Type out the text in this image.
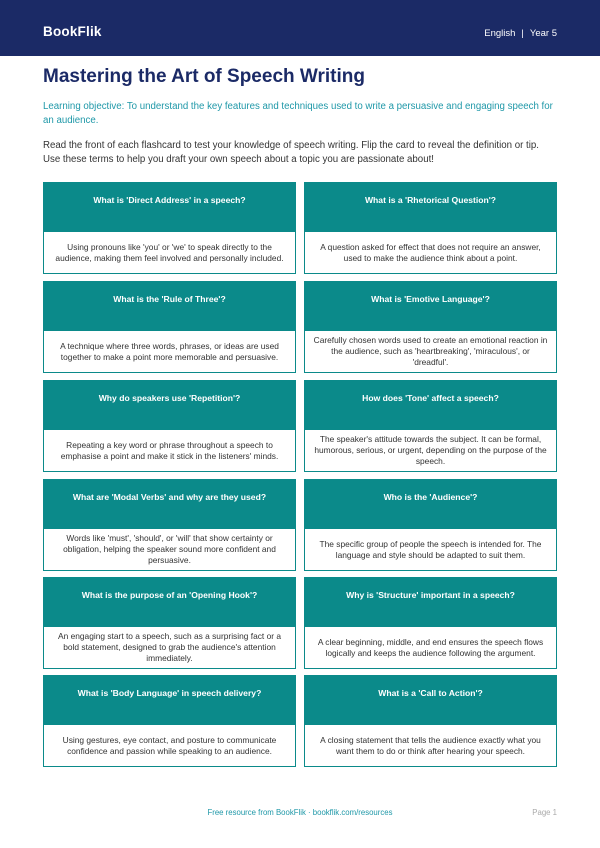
BookFlik	English | Year 5
Mastering the Art of Speech Writing

Learning objective: To understand the key features and techniques used to write a persuasive and engaging speech for an audience.

Read the front of each flashcard to test your knowledge of speech writing. Flip the card to reveal the definition or tip. Use these terms to help you draft your own speech about a topic you are passionate about!

What is 'Direct Address' in a speech?
Using pronouns like 'you' or 'we' to speak directly to the audience, making them feel involved and personally included.
What is a 'Rhetorical Question'?
A question asked for effect that does not require an answer, used to make the audience think about a point.
What is the 'Rule of Three'?
A technique where three words, phrases, or ideas are used together to make a point more memorable and persuasive.
What is 'Emotive Language'?
Carefully chosen words used to create an emotional reaction in the audience, such as 'heartbreaking', 'miraculous', or 'dreadful'.
Why do speakers use 'Repetition'?
Repeating a key word or phrase throughout a speech to emphasise a point and make it stick in the listeners' minds.
How does 'Tone' affect a speech?
The speaker's attitude towards the subject. It can be formal, humorous, serious, or urgent, depending on the purpose of the speech.
What are 'Modal Verbs' and why are they used?
Words like 'must', 'should', or 'will' that show certainty or obligation, helping the speaker sound more confident and persuasive.
Who is the 'Audience'?
The specific group of people the speech is intended for. The language and style should be adapted to suit them.
What is the purpose of an 'Opening Hook'?
An engaging start to a speech, such as a surprising fact or a bold statement, designed to grab the audience's attention immediately.
Why is 'Structure' important in a speech?
A clear beginning, middle, and end ensures the speech flows logically and keeps the audience following the argument.
What is 'Body Language' in speech delivery?
Using gestures, eye contact, and posture to communicate confidence and passion while speaking to an audience.
What is a 'Call to Action'?
A closing statement that tells the audience exactly what you want them to do or think after hearing your speech.
Free resource from BookFlik · bookflik.com/resources	Page 1
